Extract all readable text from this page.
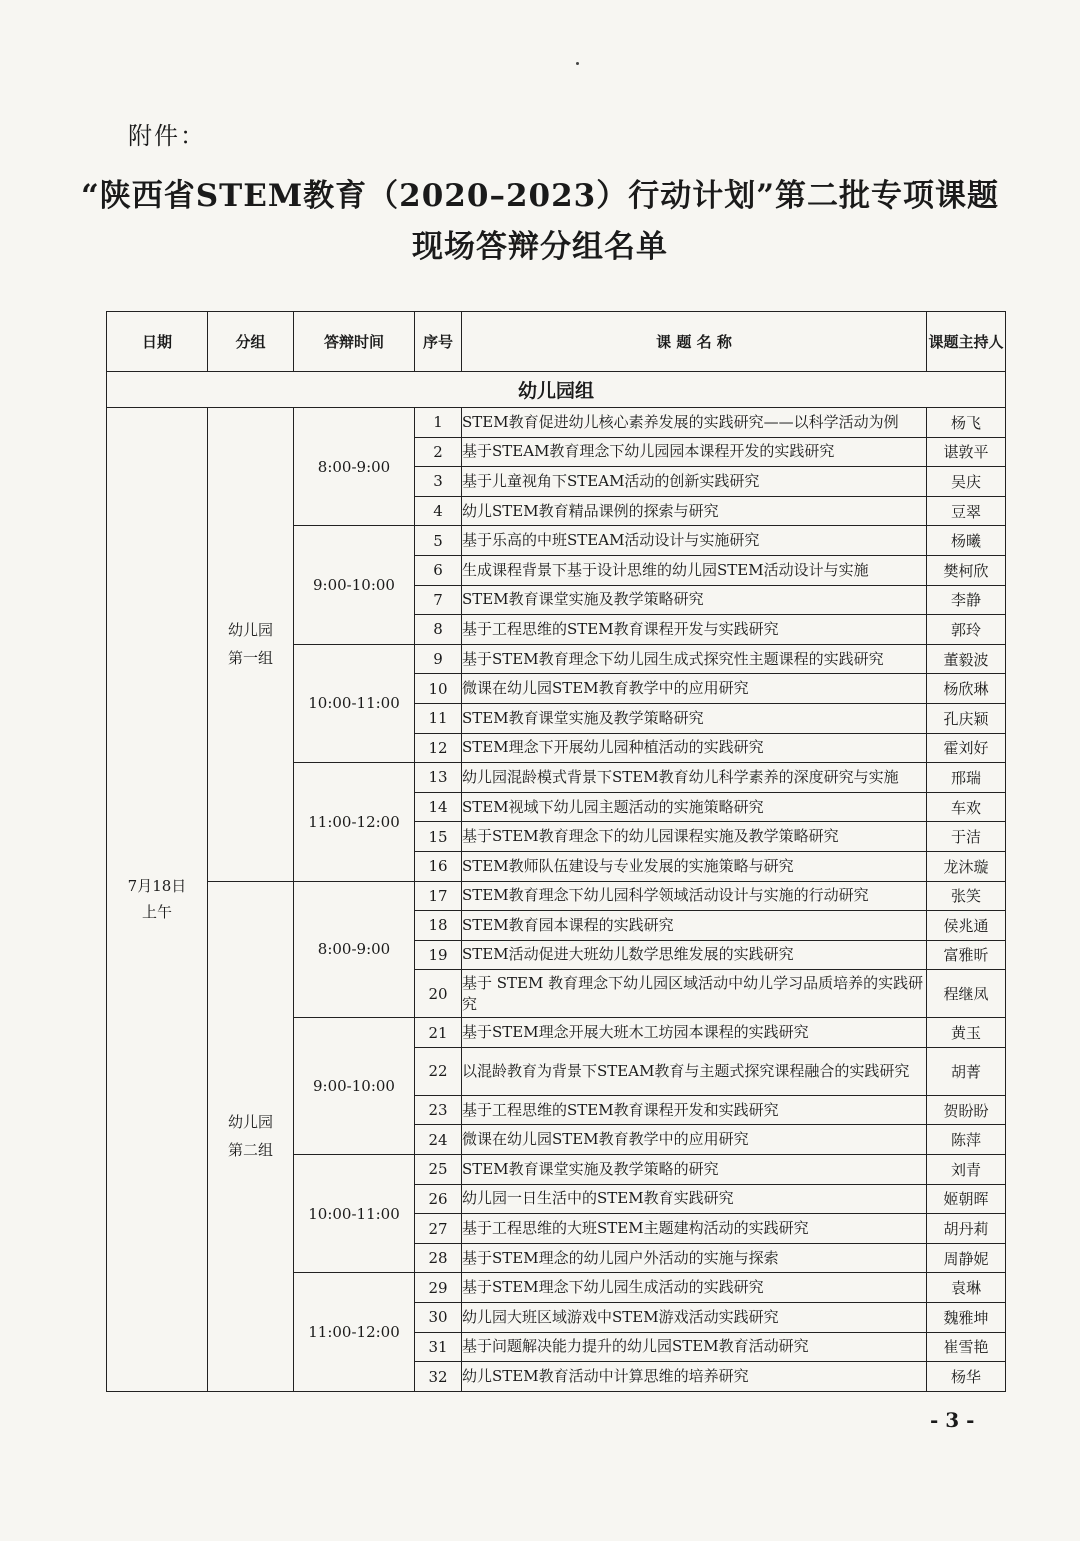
附件：
“陕西省STEM教育（2020–2023）行动计划”第二批专项课题
现场答辩分组名单
日期	分组	答辩时间	序号	课 题 名 称	课题主持人
幼儿园组					
7月18日上午	幼儿园第一组	8:00-9:00	1	STEM教育促进幼儿核心素养发展的实践研究——以科学活动为例	杨飞
			2	基于STEAM教育理念下幼儿园园本课程开发的实践研究	谌敦平
			3	基于儿童视角下STEAM活动的创新实践研究	吴庆
			4	幼儿STEM教育精品课例的探索与研究	豆翠
		9:00-10:00	5	基于乐高的中班STEAM活动设计与实施研究	杨曦
			6	生成课程背景下基于设计思维的幼儿园STEM活动设计与实施	樊柯欣
			7	STEM教育课堂实施及教学策略研究	李静
			8	基于工程思维的STEM教育课程开发与实践研究	郭玲
		10:00-11:00	9	基于STEM教育理念下幼儿园生成式探究性主题课程的实践研究	董毅波
			10	微课在幼儿园STEM教育教学中的应用研究	杨欣琳
			11	STEM教育课堂实施及教学策略研究	孔庆颖
			12	STEM理念下开展幼儿园种植活动的实践研究	霍刘好
		11:00-12:00	13	幼儿园混龄模式背景下STEM教育幼儿科学素养的深度研究与实施	邢瑞
			14	STEM视域下幼儿园主题活动的实施策略研究	车欢
			15	基于STEM教育理念下的幼儿园课程实施及教学策略研究	于洁
			16	STEM教师队伍建设与专业发展的实施策略与研究	龙沐璇
	幼儿园第二组	8:00-9:00	17	STEM教育理念下幼儿园科学领域活动设计与实施的行动研究	张笑
			18	STEM教育园本课程的实践研究	侯兆通
			19	STEM活动促进大班幼儿数学思维发展的实践研究	富雅昕
			20	基于 STEM 教育理念下幼儿园区域活动中幼儿学习品质培养的实践研究	程继凤
		9:00-10:00	21	基于STEM理念开展大班木工坊园本课程的实践研究	黄玉
			22	以混龄教育为背景下STEAM教育与主题式探究课程融合的实践研究	胡菁
			23	基于工程思维的STEM教育课程开发和实践研究	贺盼盼
			24	微课在幼儿园STEM教育教学中的应用研究	陈萍
		10:00-11:00	25	STEM教育课堂实施及教学策略的研究	刘青
			26	幼儿园一日生活中的STEM教育实践研究	姬朝晖
			27	基于工程思维的大班STEM主题建构活动的实践研究	胡丹莉
			28	基于STEM理念的幼儿园户外活动的实施与探索	周静妮
		11:00-12:00	29	基于STEM理念下幼儿园生成活动的实践研究	袁琳
			30	幼儿园大班区域游戏中STEM游戏活动实践研究	魏雅坤
			31	基于问题解决能力提升的幼儿园STEM教育活动研究	崔雪艳
			32	幼儿STEM教育活动中计算思维的培养研究	杨华
- 3 -
